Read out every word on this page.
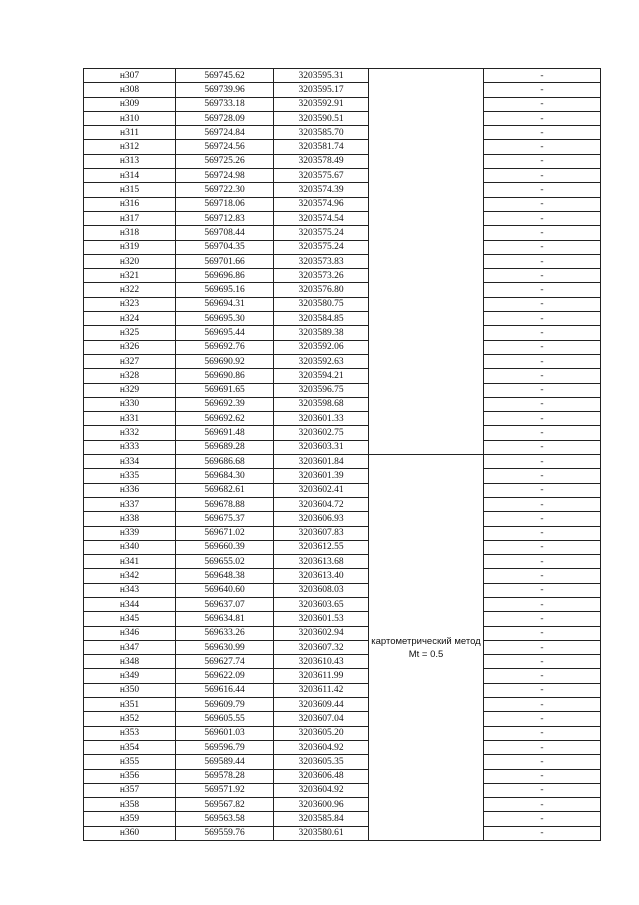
н307	569745.62	3203595.31		-
н308	569739.96	3203595.17		-
н309	569733.18	3203592.91		-
н310	569728.09	3203590.51		-
н311	569724.84	3203585.70		-
н312	569724.56	3203581.74		-
н313	569725.26	3203578.49		-
н314	569724.98	3203575.67		-
н315	569722.30	3203574.39		-
н316	569718.06	3203574.96		-
н317	569712.83	3203574.54		-
н318	569708.44	3203575.24		-
н319	569704.35	3203575.24		-
н320	569701.66	3203573.83		-
н321	569696.86	3203573.26		-
н322	569695.16	3203576.80		-
н323	569694.31	3203580.75		-
н324	569695.30	3203584.85		-
н325	569695.44	3203589.38		-
н326	569692.76	3203592.06		-
н327	569690.92	3203592.63		-
н328	569690.86	3203594.21		-
н329	569691.65	3203596.75		-
н330	569692.39	3203598.68		-
н331	569692.62	3203601.33		-
н332	569691.48	3203602.75		-
н333	569689.28	3203603.31		-
н334	569686.68	3203601.84	картометрический метод Mt = 0.5	-
н335	569684.30	3203601.39		-
н336	569682.61	3203602.41		-
н337	569678.88	3203604.72		-
н338	569675.37	3203606.93		-
н339	569671.02	3203607.83		-
н340	569660.39	3203612.55		-
н341	569655.02	3203613.68		-
н342	569648.38	3203613.40		-
н343	569640.60	3203608.03		-
н344	569637.07	3203603.65		-
н345	569634.81	3203601.53		-
н346	569633.26	3203602.94		-
н347	569630.99	3203607.32		-
н348	569627.74	3203610.43		-
н349	569622.09	3203611.99		-
н350	569616.44	3203611.42		-
н351	569609.79	3203609.44		-
н352	569605.55	3203607.04		-
н353	569601.03	3203605.20		-
н354	569596.79	3203604.92		-
н355	569589.44	3203605.35		-
н356	569578.28	3203606.48		-
н357	569571.92	3203604.92		-
н358	569567.82	3203600.96		-
н359	569563.58	3203585.84		-
н360	569559.76	3203580.61		-
